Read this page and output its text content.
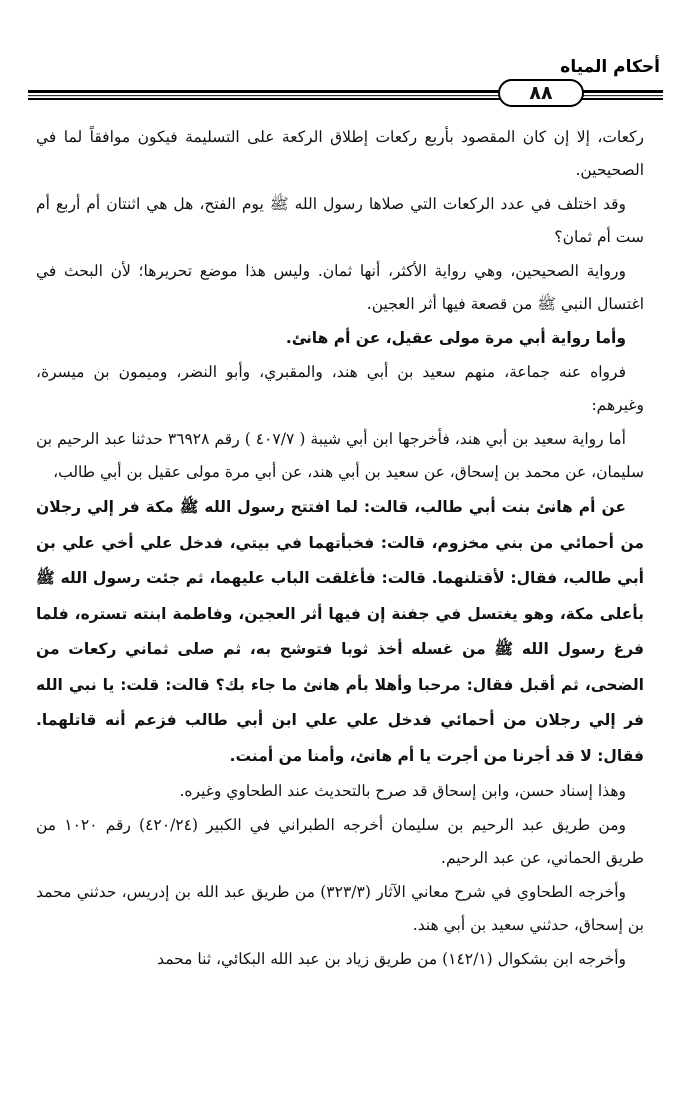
أحكام المياه
٨٨

ركعات، إلا إن كان المقصود بأربع ركعات إطلاق الركعة على التسليمة فيكون موافقاً لما في الصحيحين.

وقد اختلف في عدد الركعات التي صلاها رسول الله ﷺ يوم الفتح، هل هي اثنتان أم أربع أم ست أم ثمان؟

ورواية الصحيحين، وهي رواية الأكثر، أنها ثمان. وليس هذا موضع تحريرها؛ لأن البحث في اغتسال النبي ﷺ من قصعة فيها أثر العجين.

وأما رواية أبي مرة مولى عقيل، عن أم هانئ.

فرواه عنه جماعة، منهم سعيد بن أبي هند، والمقبري، وأبو النضر، وميمون بن ميسرة، وغيرهم:

أما رواية سعيد بن أبي هند، فأخرجها ابن أبي شيبة ( ٤٠٧/٧ ) رقم ٣٦٩٢٨ حدثنا عبد الرحيم بن سليمان، عن محمد بن إسحاق، عن سعيد بن أبي هند، عن أبي مرة مولى عقيل بن أبي طالب،

عن أم هانئ بنت أبي طالب، قالت: لما افتتح رسول الله ﷺ مكة فر إلي رجلان من أحمائي من بني مخزوم، قالت: فخبأتهما في بيتي، فدخل علي أخي علي بن أبي طالب، فقال: لأقتلنهما. قالت: فأغلقت الباب عليهما، ثم جئت رسول الله ﷺ بأعلى مكة، وهو يغتسل في جفنة إن فيها أثر العجين، وفاطمة ابنته تستره، فلما فرغ رسول الله ﷺ من غسله أخذ ثوبا فتوشح به، ثم صلى ثماني ركعات من الضحى، ثم أقبل فقال: مرحبا وأهلا بأم هانئ ما جاء بك؟ قالت: قلت: يا نبي الله فر إلي رجلان من أحمائي فدخل علي علي ابن أبي طالب فزعم أنه قاتلهما. فقال: لا قد أجرنا من أجرت يا أم هانئ، وأمنا من أمنت.

وهذا إسناد حسن، وابن إسحاق قد صرح بالتحديث عند الطحاوي وغيره.

ومن طريق عبد الرحيم بن سليمان أخرجه الطبراني في الكبير (٤٢٠/٢٤) رقم ١٠٢٠ من طريق الحماني، عن عبد الرحيم.

وأخرجه الطحاوي في شرح معاني الآثار (٣٢٣/٣) من طريق عبد الله بن إدريس، حدثني محمد بن إسحاق، حدثني سعيد بن أبي هند.

وأخرجه ابن بشكوال (١٤٢/١) من طريق زياد بن عبد الله البكائي، ثنا محمد
